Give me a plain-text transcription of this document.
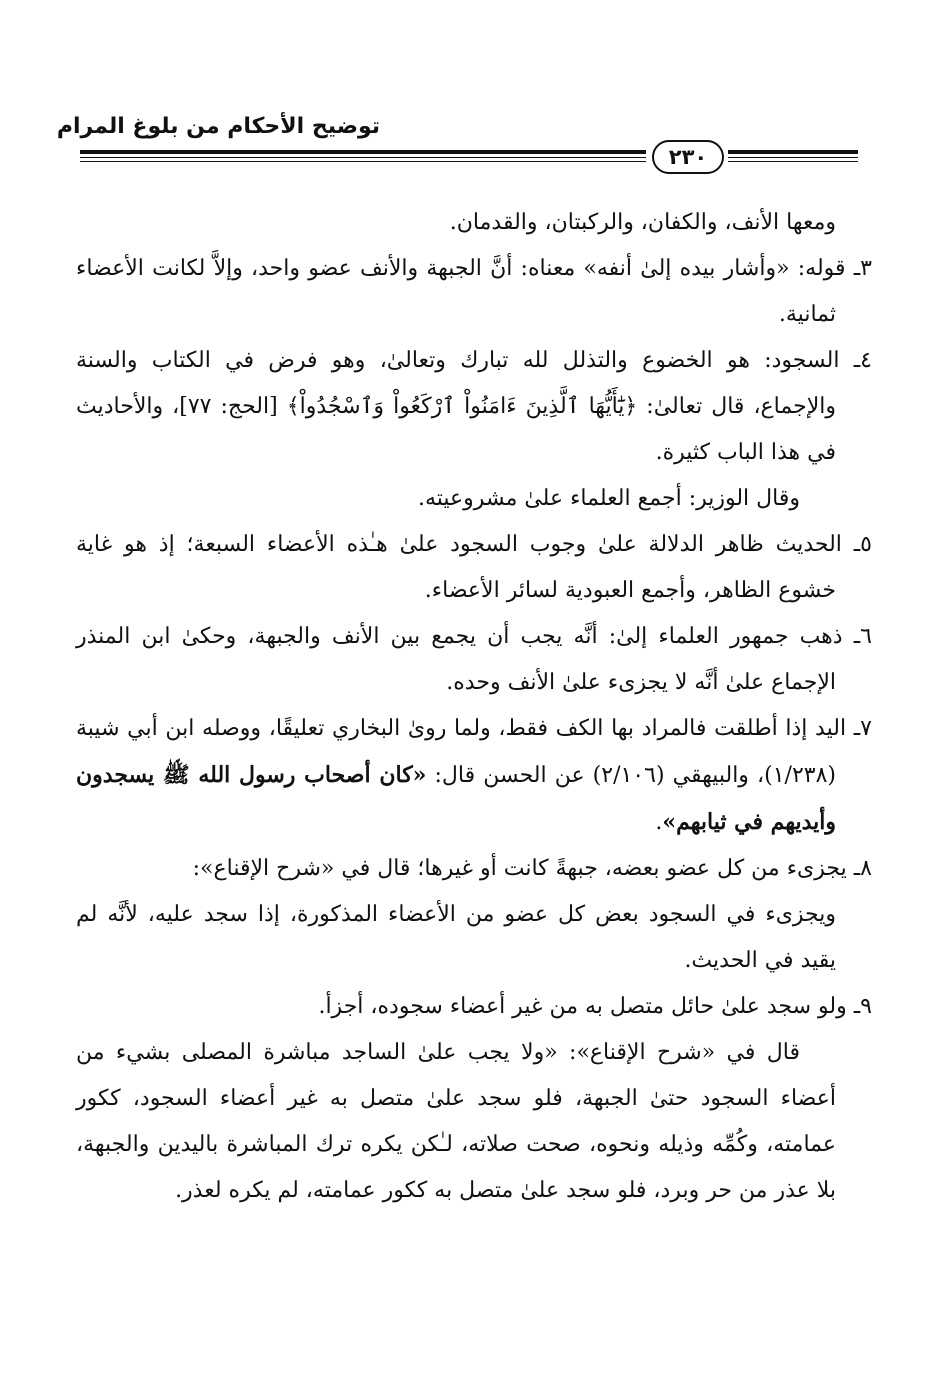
توضيح الأحكام من بلوغ المرام
٢٣٠

ومعها الأنف، والكفان، والركبتان، والقدمان.

٣ـ قوله: «وأشار بيده إلىٰ أنفه» معناه: أنَّ الجبهة والأنف عضو واحد، وإلاَّ لكانت الأعضاء ثمانية.

٤ـ السجود: هو الخضوع والتذلل لله تبارك وتعالىٰ، وهو فرض في الكتاب والسنة والإجماع، قال تعالىٰ: ﴿يَٰٓأَيُّهَا ٱلَّذِينَ ءَامَنُواْ ٱرْكَعُواْ وَٱسْجُدُواْ﴾ [الحج: ٧٧]، والأحاديث في هذا الباب كثيرة.

وقال الوزير: أجمع العلماء علىٰ مشروعيته.

٥ـ الحديث ظاهر الدلالة علىٰ وجوب السجود علىٰ هـٰذه الأعضاء السبعة؛ إذ هو غاية خشوع الظاهر، وأجمع العبودية لسائر الأعضاء.

٦ـ ذهب جمهور العلماء إلىٰ: أنَّه يجب أن يجمع بين الأنف والجبهة، وحكىٰ ابن المنذر الإجماع علىٰ أنَّه لا يجزىء علىٰ الأنف وحده.

٧ـ اليد إذا أطلقت فالمراد بها الكف فقط، ولما روىٰ البخاري تعليقًا، ووصله ابن أبي شيبة (١/٢٣٨)، والبيهقي (٢/١٠٦) عن الحسن قال: «كان أصحاب رسول الله ﷺ يسجدون وأيديهم في ثيابهم».

٨ـ يجزىء من كل عضو بعضه، جبهةً كانت أو غيرها؛ قال في «شرح الإقناع»:

ويجزىء في السجود بعض كل عضو من الأعضاء المذكورة، إذا سجد عليه، لأنَّه لم يقيد في الحديث.

٩ـ ولو سجد علىٰ حائل متصل به من غير أعضاء سجوده، أجزأ.

قال في «شرح الإقناع»: «ولا يجب علىٰ الساجد مباشرة المصلى بشيء من أعضاء السجود حتىٰ الجبهة، فلو سجد علىٰ متصل به غير أعضاء السجود، ككور عمامته، وكُمِّه وذيله ونحوه، صحت صلاته، لـٰكن يكره ترك المباشرة باليدين والجبهة، بلا عذر من حر وبرد، فلو سجد علىٰ متصل به ككور عمامته، لم يكره لعذر.
